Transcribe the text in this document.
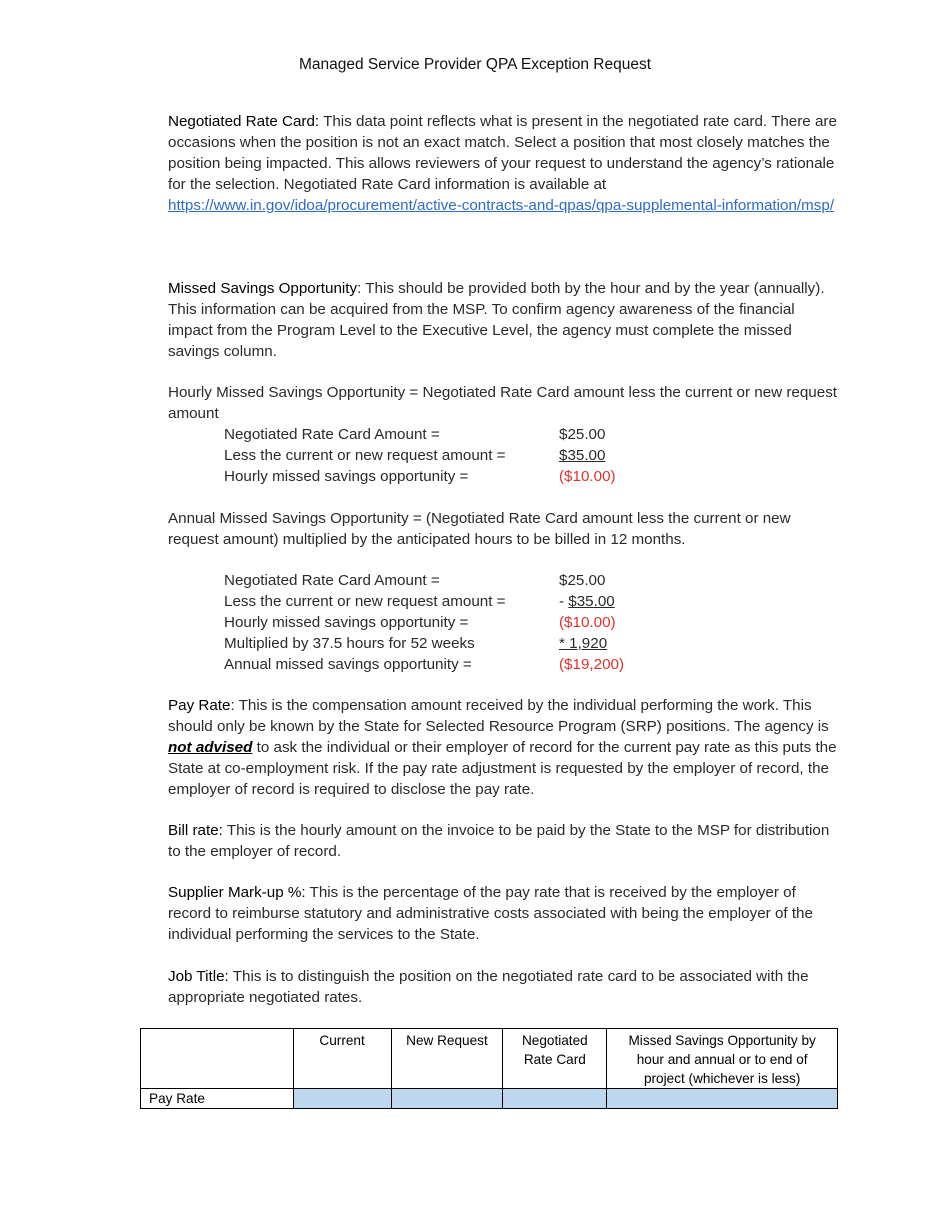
Managed Service Provider QPA Exception Request

Negotiated Rate Card: This data point reflects what is present in the negotiated rate card. There are occasions when the position is not an exact match. Select a position that most closely matches the position being impacted. This allows reviewers of your request to understand the agency’s rationale for the selection. Negotiated Rate Card information is available at https://www.in.gov/idoa/procurement/active-contracts-and-qpas/qpa-supplemental-information/msp/

Missed Savings Opportunity: This should be provided both by the hour and by the year (annually). This information can be acquired from the MSP. To confirm agency awareness of the financial impact from the Program Level to the Executive Level, the agency must complete the missed savings column.

Hourly Missed Savings Opportunity = Negotiated Rate Card amount less the current or new request amount

Negotiated Rate Card Amount =	$25.00
Less the current or new request amount =	$35.00
Hourly missed savings opportunity =	($10.00)

Annual Missed Savings Opportunity = (Negotiated Rate Card amount less the current or new request amount) multiplied by the anticipated hours to be billed in 12 months.

Negotiated Rate Card Amount =	$25.00
Less the current or new request amount =	- $35.00
Hourly missed savings opportunity =	($10.00)
Multiplied by 37.5 hours for 52 weeks	* 1,920
Annual missed savings opportunity =	($19,200)

Pay Rate: This is the compensation amount received by the individual performing the work. This should only be known by the State for Selected Resource Program (SRP) positions. The agency is not advised to ask the individual or their employer of record for the current pay rate as this puts the State at co-employment risk. If the pay rate adjustment is requested by the employer of record, the employer of record is required to disclose the pay rate.

Bill rate: This is the hourly amount on the invoice to be paid by the State to the MSP for distribution to the employer of record.

Supplier Mark-up %: This is the percentage of the pay rate that is received by the employer of record to reimburse statutory and administrative costs associated with being the employer of the individual performing the services to the State.

Job Title: This is to distinguish the position on the negotiated rate card to be associated with the appropriate negotiated rates.

	Current	New Request	Negotiated Rate Card	Missed Savings Opportunity by hour and annual or to end of project (whichever is less)
Pay Rate				
